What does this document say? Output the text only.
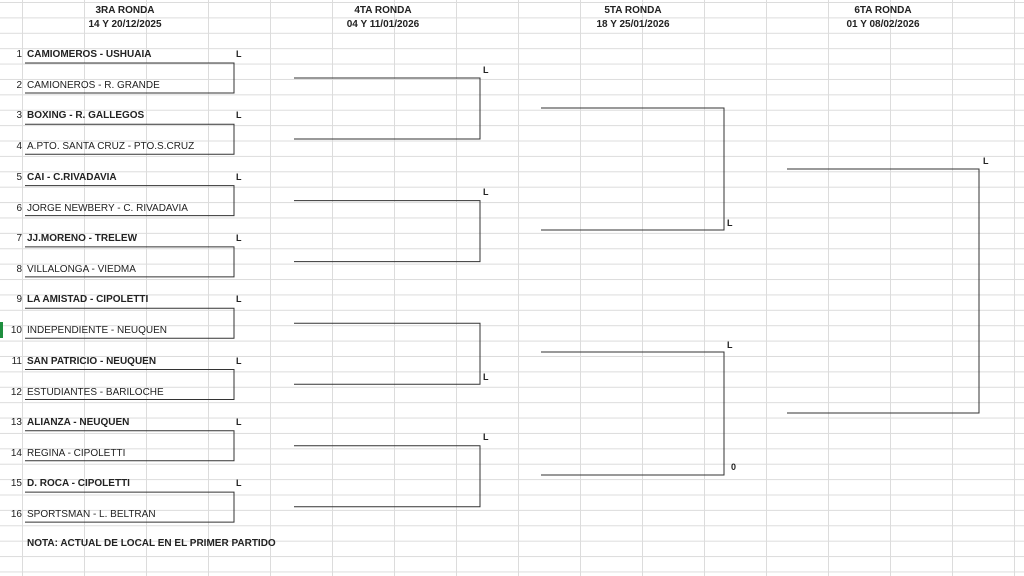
3RA RONDA
14 Y 20/12/2025
4TA RONDA
04 Y 11/01/2026
5TA RONDA
18 Y 25/01/2026
6TA RONDA
01 Y 08/02/2026
1 CAMIOMEROS - USHUAIA
2 CAMIONEROS - R. GRANDE
L
3 BOXING - R. GALLEGOS
4 A.PTO. SANTA CRUZ - PTO.S.CRUZ
L
5 CAI - C.RIVADAVIA
6 JORGE NEWBERY - C. RIVADAVIA
L
7 JJ.MORENO - TRELEW
8 VILLALONGA - VIEDMA
L
9 LA AMISTAD - CIPOLETTI
10 INDEPENDIENTE - NEUQUEN
L
11 SAN PATRICIO - NEUQUEN
12 ESTUDIANTES - BARILOCHE
L
13 ALIANZA - NEUQUEN
14 REGINA - CIPOLETTI
L
15 D. ROCA - CIPOLETTI
16 SPORTSMAN - L. BELTRAN
L
L
L
L
L
L
L
0
L
NOTA: ACTUAL DE LOCAL EN EL PRIMER PARTIDO
